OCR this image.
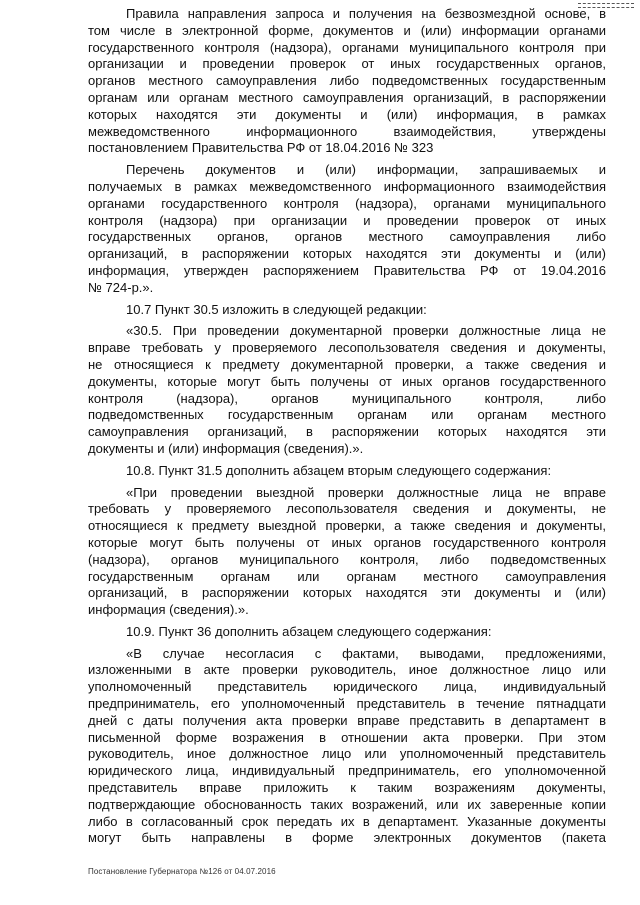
Правила направления запроса и получения на безвозмездной основе, в
том числе в электронной форме, документов и (или) информации органами
государственного контроля (надзора), органами муниципального контроля при
организации и проведении проверок от иных государственных органов,
органов местного самоуправления либо подведомственных государственным
органам или органам местного самоуправления организаций, в распоряжении
которых находятся эти документы и (или) информация, в рамках
межведомственного информационного взаимодействия, утверждены
постановлением Правительства РФ от 18.04.2016 № 323
Перечень документов и (или) информации, запрашиваемых и
получаемых в рамках межведомственного информационного взаимодействия
органами государственного контроля (надзора), органами муниципального
контроля (надзора) при организации и проведении проверок от иных
государственных органов, органов местного самоуправления либо
организаций, в распоряжении которых находятся эти документы и (или)
информация, утвержден распоряжением Правительства РФ от 19.04.2016
№ 724-р.».
10.7 Пункт 30.5 изложить в следующей редакции:
«30.5. При проведении документарной проверки должностные лица не
вправе требовать у проверяемого лесопользователя сведения и документы,
не относящиеся к предмету документарной проверки, а также сведения и
документы, которые могут быть получены от иных органов государственного
контроля (надзора), органов муниципального контроля, либо
подведомственных государственным органам или органам местного
самоуправления организаций, в распоряжении которых находятся эти
документы и (или) информация (сведения).».
10.8. Пункт 31.5 дополнить абзацем вторым следующего содержания:
«При проведении выездной проверки должностные лица не вправе
требовать у проверяемого лесопользователя сведения и документы, не
относящиеся к предмету выездной проверки, а также сведения и документы,
которые могут быть получены от иных органов государственного контроля
(надзора), органов муниципального контроля, либо подведомственных
государственным органам или органам местного самоуправления
организаций, в распоряжении которых находятся эти документы и (или)
информация (сведения).».
10.9. Пункт 36 дополнить абзацем следующего содержания:
«В случае несогласия с фактами, выводами, предложениями,
изложенными в акте проверки руководитель, иное должностное лицо или
уполномоченный представитель юридического лица, индивидуальный
предприниматель, его уполномоченный представитель в течение пятнадцати
дней с даты получения акта проверки вправе представить в департамент в
письменной форме возражения в отношении акта проверки. При этом
руководитель, иное должностное лицо или уполномоченный представитель
юридического лица, индивидуальный предприниматель, его уполномоченной
представитель вправе приложить к таким возражениям документы,
подтверждающие обоснованность таких возражений, или их заверенные копии
либо в согласованный срок передать их в департамент. Указанные документы
могут быть направлены в форме электронных документов (пакета
Постановление Губернатора №126 от 04.07.2016
